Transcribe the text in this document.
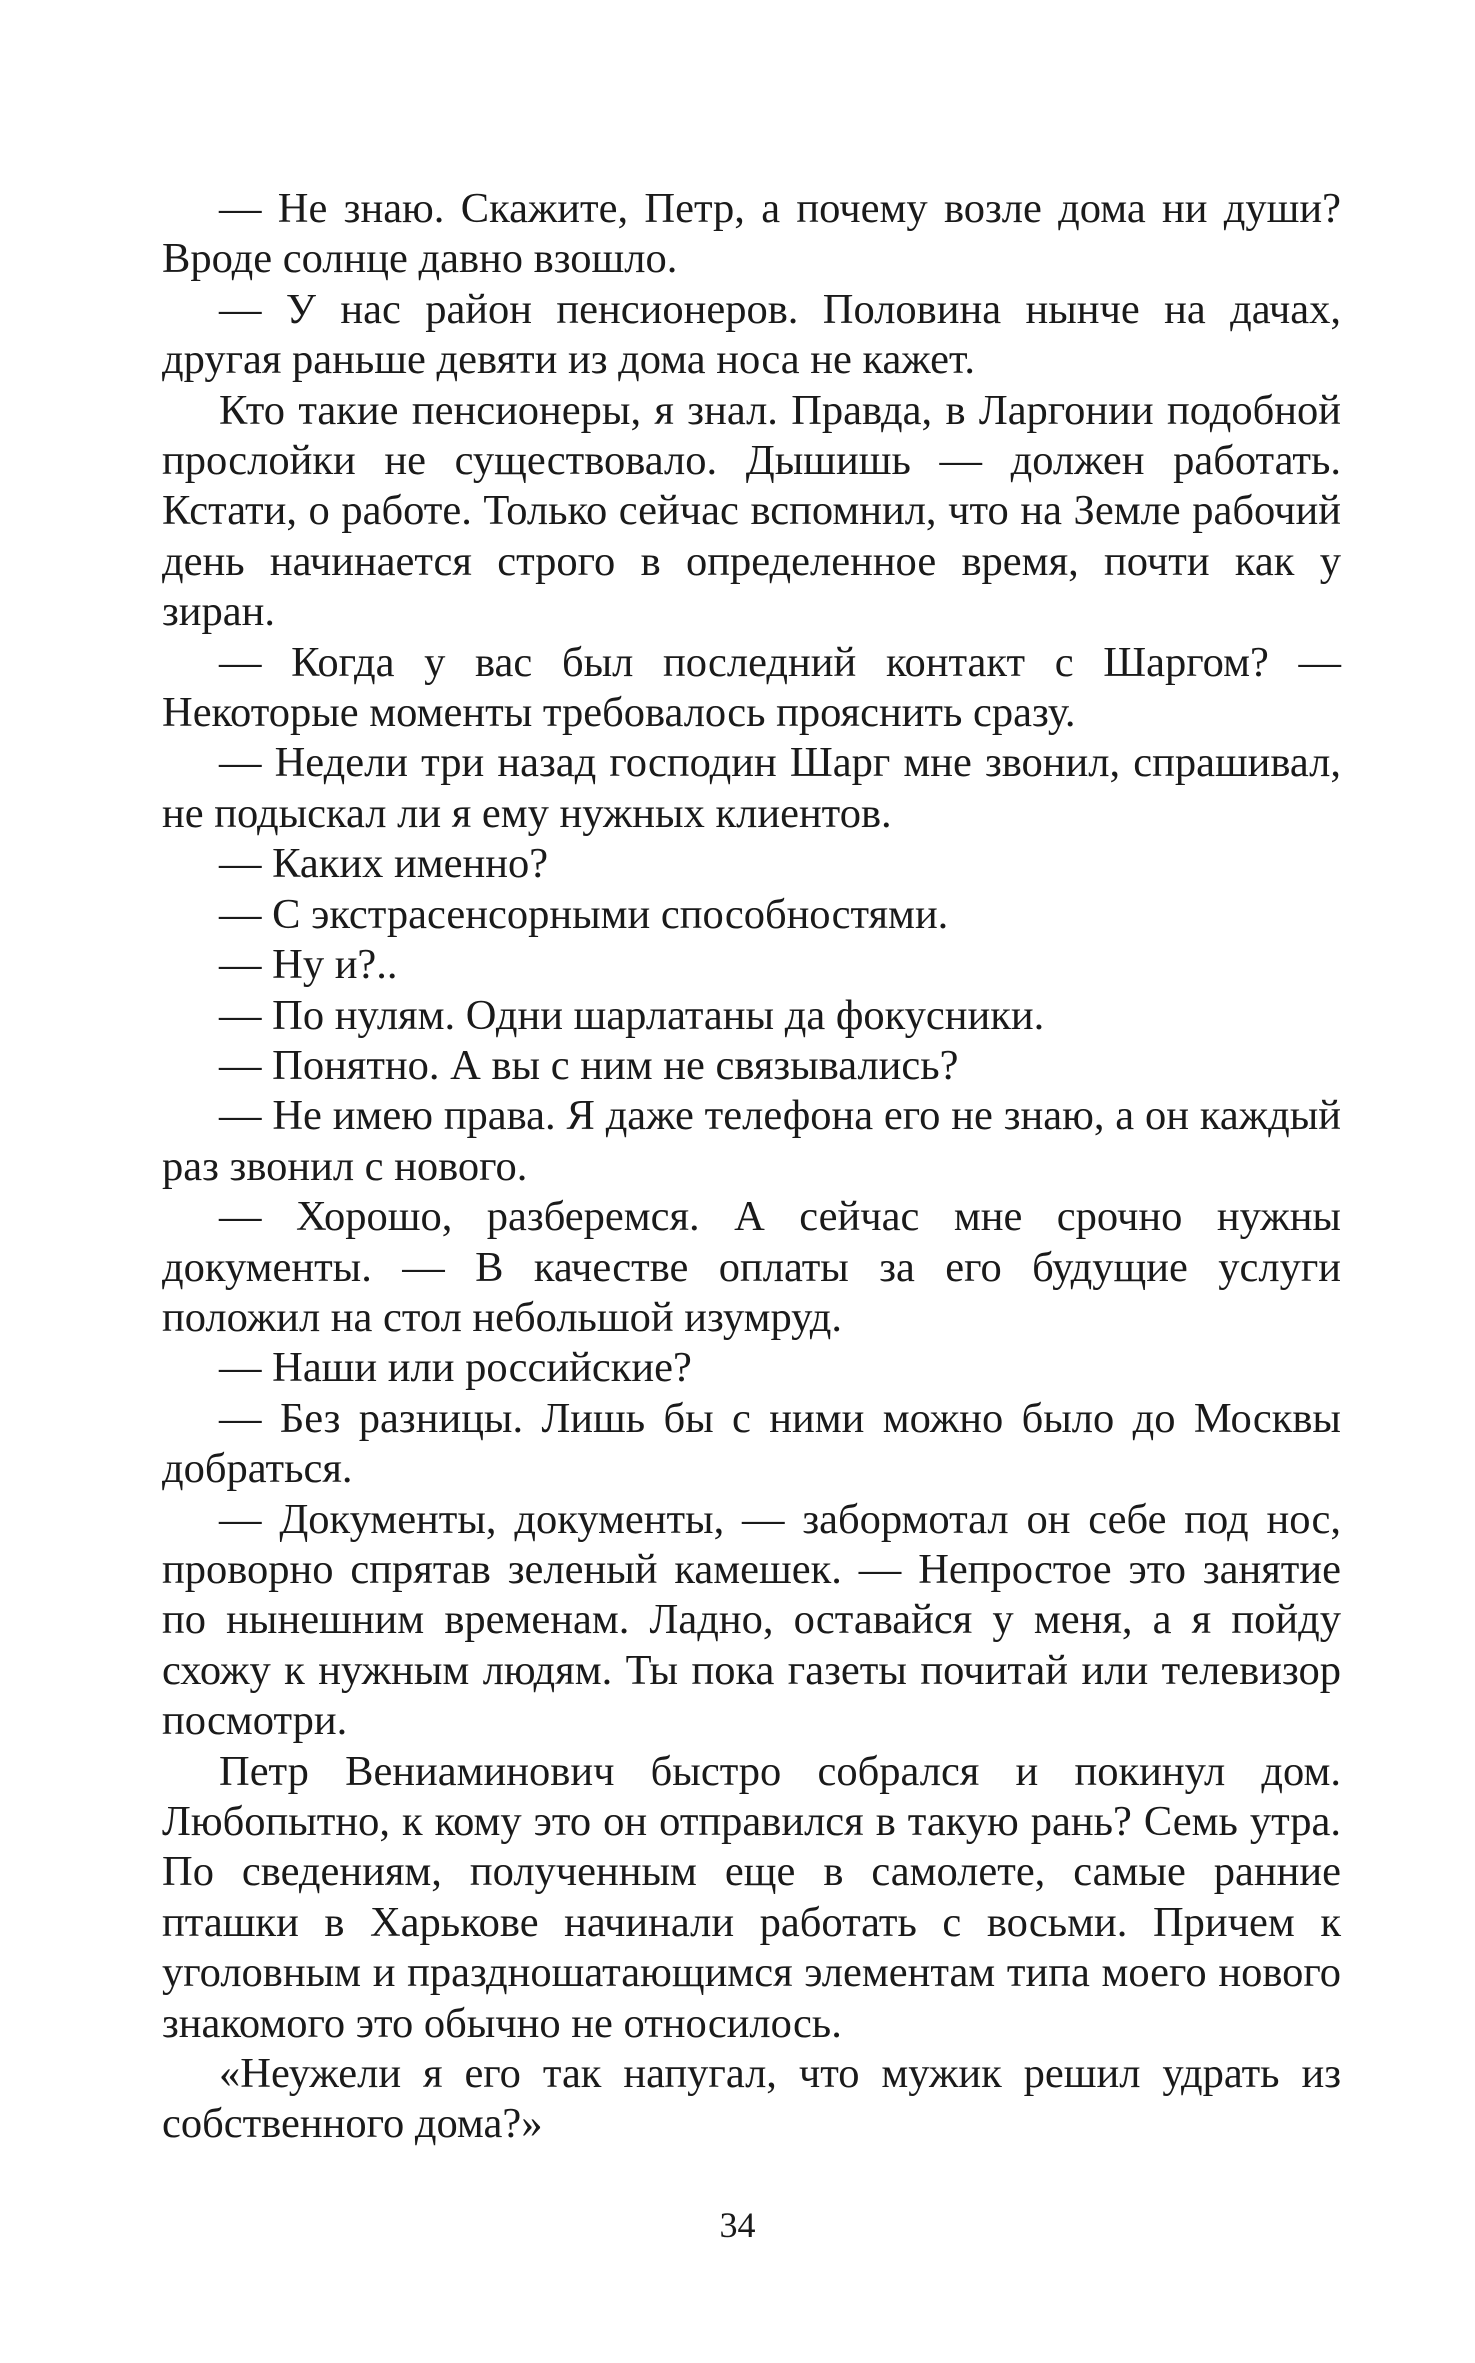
— Не знаю. Скажите, Петр, а почему возле дома ни души? Вроде солнце давно взошло.

— У нас район пенсионеров. Половина нынче на дачах, другая раньше девяти из дома носа не кажет.

Кто такие пенсионеры, я знал. Правда, в Ларгонии подобной прослойки не существовало. Дышишь — должен работать. Кстати, о работе. Только сейчас вспомнил, что на Земле рабочий день начинается строго в определенное время, почти как у зиран.

— Когда у вас был последний контакт с Шаргом? — Некоторые моменты требовалось прояснить сразу.

— Недели три назад господин Шарг мне звонил, спрашивал, не подыскал ли я ему нужных клиентов.

— Каких именно?

— С экстрасенсорными способностями.

— Ну и?..

— По нулям. Одни шарлатаны да фокусники.

— Понятно. А вы с ним не связывались?

— Не имею права. Я даже телефона его не знаю, а он каждый раз звонил с нового.

— Хорошо, разберемся. А сейчас мне срочно нужны документы. — В качестве оплаты за его будущие услуги положил на стол небольшой изумруд.

— Наши или российские?

— Без разницы. Лишь бы с ними можно было до Москвы добраться.

— Документы, документы, — забормотал он себе под нос, проворно спрятав зеленый камешек. — Непростое это занятие по нынешним временам. Ладно, оставайся у меня, а я пойду схожу к нужным людям. Ты пока газеты почитай или телевизор посмотри.

Петр Вениаминович быстро собрался и покинул дом. Любопытно, к кому это он отправился в такую рань? Семь утра. По сведениям, полученным еще в самолете, самые ранние пташки в Харькове начинали работать с восьми. Причем к уголовным и праздношатающимся элементам типа моего нового знакомого это обычно не относилось.

«Неужели я его так напугал, что мужик решил удрать из собственного дома?»

34
